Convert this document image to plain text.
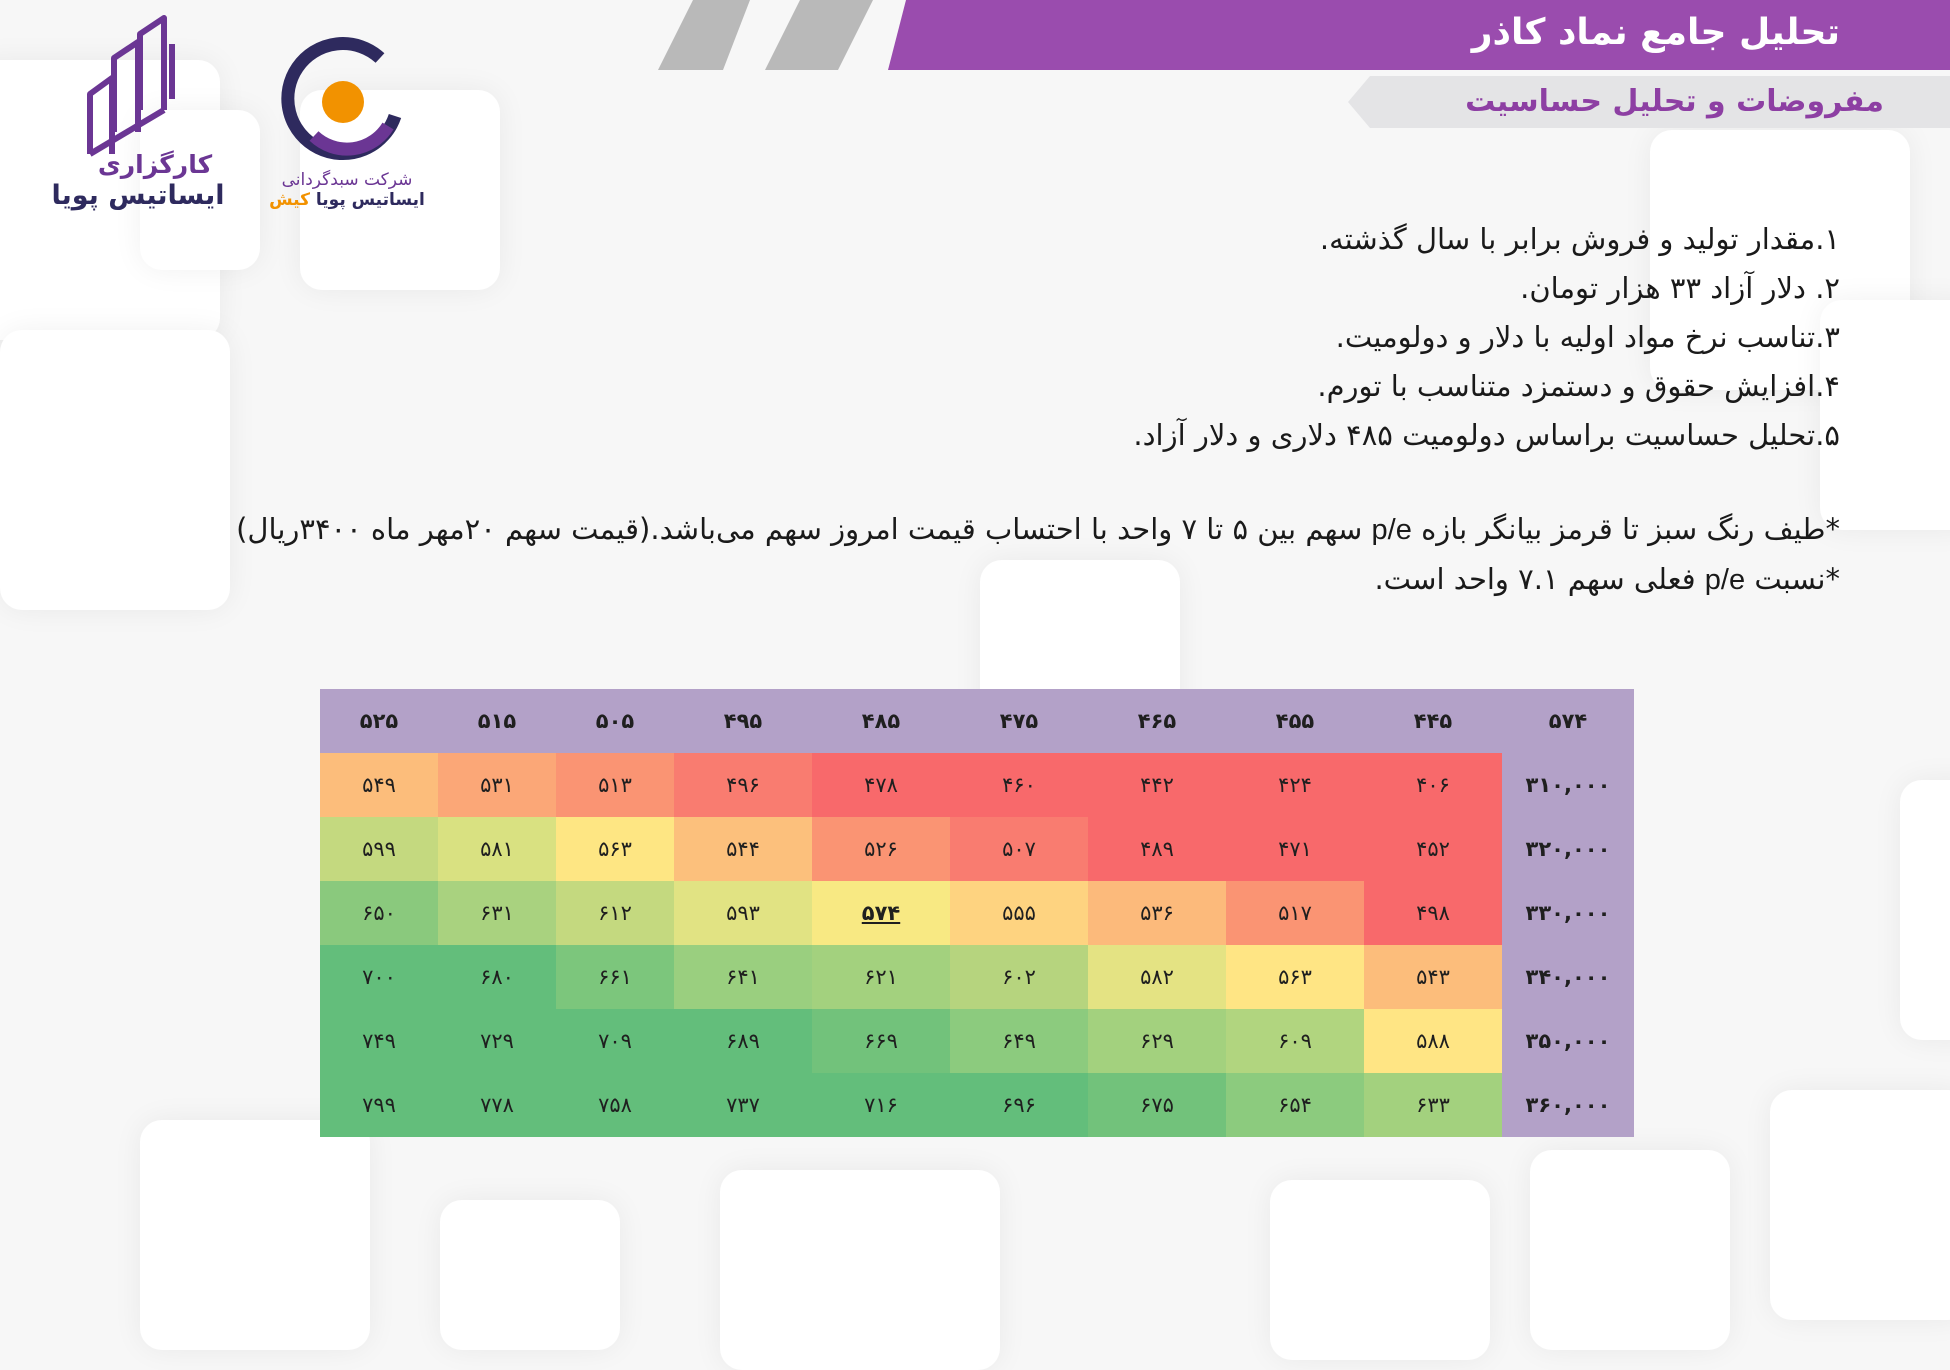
تحلیل جامع نماد کاذر
مفروضات و تحلیل حساسیت
کارگزاری
ایساتیس پویا	شرکت سبدگردانی
ایساتیس پویا کیش
۱.مقدار تولید و فروش برابر با سال گذشته.
۲. دلار آزاد ۳۳ هزار تومان.
۳.تناسب نرخ مواد اولیه با دلار و دولومیت.
۴.افزایش حقوق و دستمزد متناسب با تورم.
۵.تحلیل حساسیت براساس دولومیت ۴۸۵ دلاری و دلار آزاد.

*طیف رنگ سبز تا قرمز بیانگر بازه p/e سهم بین ۵ تا ۷ واحد با احتساب قیمت امروز سهم می‌باشد.(قیمت سهم ۲۰مهر ماه ۳۴۰۰ریال)

*نسبت p/e فعلی سهم ۷.۱ واحد است.

۵۷۴	۴۴۵	۴۵۵	۴۶۵	۴۷۵	۴۸۵	۴۹۵	۵۰۵	۵۱۵	۵۲۵
۳۱۰,۰۰۰	۴۰۶	۴۲۴	۴۴۲	۴۶۰	۴۷۸	۴۹۶	۵۱۳	۵۳۱	۵۴۹
۳۲۰,۰۰۰	۴۵۲	۴۷۱	۴۸۹	۵۰۷	۵۲۶	۵۴۴	۵۶۳	۵۸۱	۵۹۹
۳۳۰,۰۰۰	۴۹۸	۵۱۷	۵۳۶	۵۵۵	۵۷۴	۵۹۳	۶۱۲	۶۳۱	۶۵۰
۳۴۰,۰۰۰	۵۴۳	۵۶۳	۵۸۲	۶۰۲	۶۲۱	۶۴۱	۶۶۱	۶۸۰	۷۰۰
۳۵۰,۰۰۰	۵۸۸	۶۰۹	۶۲۹	۶۴۹	۶۶۹	۶۸۹	۷۰۹	۷۲۹	۷۴۹
۳۶۰,۰۰۰	۶۳۳	۶۵۴	۶۷۵	۶۹۶	۷۱۶	۷۳۷	۷۵۸	۷۷۸	۷۹۹
